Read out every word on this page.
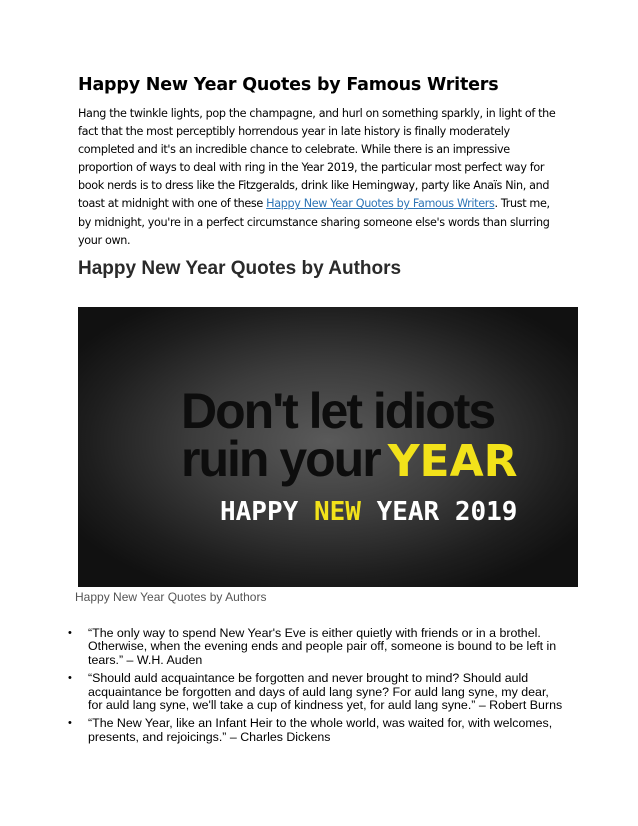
Happy New Year Quotes by Famous Writers

Hang the twinkle lights, pop the champagne, and hurl on something sparkly, in light of the fact that the most perceptibly horrendous year in late history is finally moderately completed and it's an incredible chance to celebrate. While there is an impressive proportion of ways to deal with ring in the Year 2019, the particular most perfect way for book nerds is to dress like the Fitzgeralds, drink like Hemingway, party like Anaïs Nin, and toast at midnight with one of these Happy New Year Quotes by Famous Writers. Trust me, by midnight, you're in a perfect circumstance sharing someone else's words than slurring your own.

Happy New Year Quotes by Authors
Don't let idiots
ruin your YEAR
HAPPY NEW YEAR 2019

Happy New Year Quotes by Authors

• “The only way to spend New Year's Eve is either quietly with friends or in a brothel. Otherwise, when the evening ends and people pair off, someone is bound to be left in tears.” – W.H. Auden
• “Should auld acquaintance be forgotten and never brought to mind? Should auld acquaintance be forgotten and days of auld lang syne? For auld lang syne, my dear, for auld lang syne, we'll take a cup of kindness yet, for auld lang syne.” – Robert Burns
• “The New Year, like an Infant Heir to the whole world, was waited for, with welcomes, presents, and rejoicings.” – Charles Dickens
